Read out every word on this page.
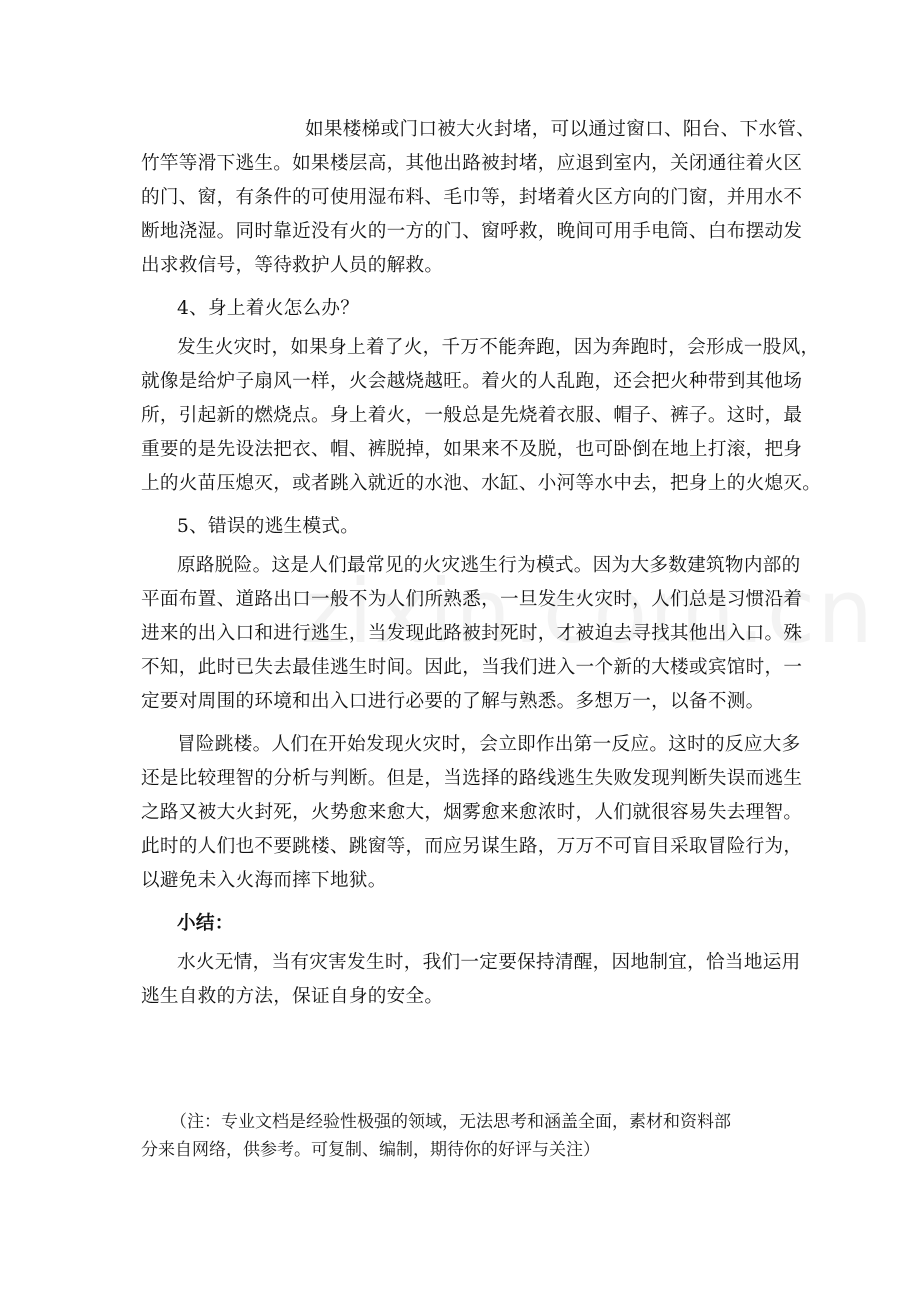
如果楼梯或门口被大火封堵，可以通过窗口、阳台、下水管、
竹竿等滑下逃生。如果楼层高，其他出路被封堵，应退到室内，关闭通往着火区
的门、窗，有条件的可使用湿布料、毛巾等，封堵着火区方向的门窗，并用水不
断地浇湿。同时靠近没有火的一方的门、窗呼救，晚间可用手电筒、白布摆动发
出求救信号，等待救护人员的解救。
4、身上着火怎么办？
发生火灾时，如果身上着了火，千万不能奔跑，因为奔跑时，会形成一股风，
就像是给炉子扇风一样，火会越烧越旺。着火的人乱跑，还会把火种带到其他场
所，引起新的燃烧点。身上着火，一般总是先烧着衣服、帽子、裤子。这时，最
重要的是先设法把衣、帽、裤脱掉，如果来不及脱，也可卧倒在地上打滚，把身
上的火苗压熄灭，或者跳入就近的水池、水缸、小河等水中去，把身上的火熄灭。
5、错误的逃生模式。
原路脱险。这是人们最常见的火灾逃生行为模式。因为大多数建筑物内部的
平面布置、道路出口一般不为人们所熟悉，一旦发生火灾时，人们总是习惯沿着
进来的出入口和进行逃生，当发现此路被封死时，才被迫去寻找其他出入口。殊
不知，此时已失去最佳逃生时间。因此，当我们进入一个新的大楼或宾馆时，一
定要对周围的环境和出入口进行必要的了解与熟悉。多想万一，以备不测。
冒险跳楼。人们在开始发现火灾时，会立即作出第一反应。这时的反应大多
还是比较理智的分析与判断。但是，当选择的路线逃生失败发现判断失误而逃生
之路又被大火封死，火势愈来愈大，烟雾愈来愈浓时，人们就很容易失去理智。
此时的人们也不要跳楼、跳窗等，而应另谋生路，万万不可盲目采取冒险行为，
以避免未入火海而摔下地狱。
小结：
水火无情，当有灾害发生时，我们一定要保持清醒，因地制宜，恰当地运用
逃生自救的方法，保证自身的安全。
（注：专业文档是经验性极强的领域，无法思考和涵盖全面，素材和资料部
分来自网络，供参考。可复制、编制，期待你的好评与关注）
